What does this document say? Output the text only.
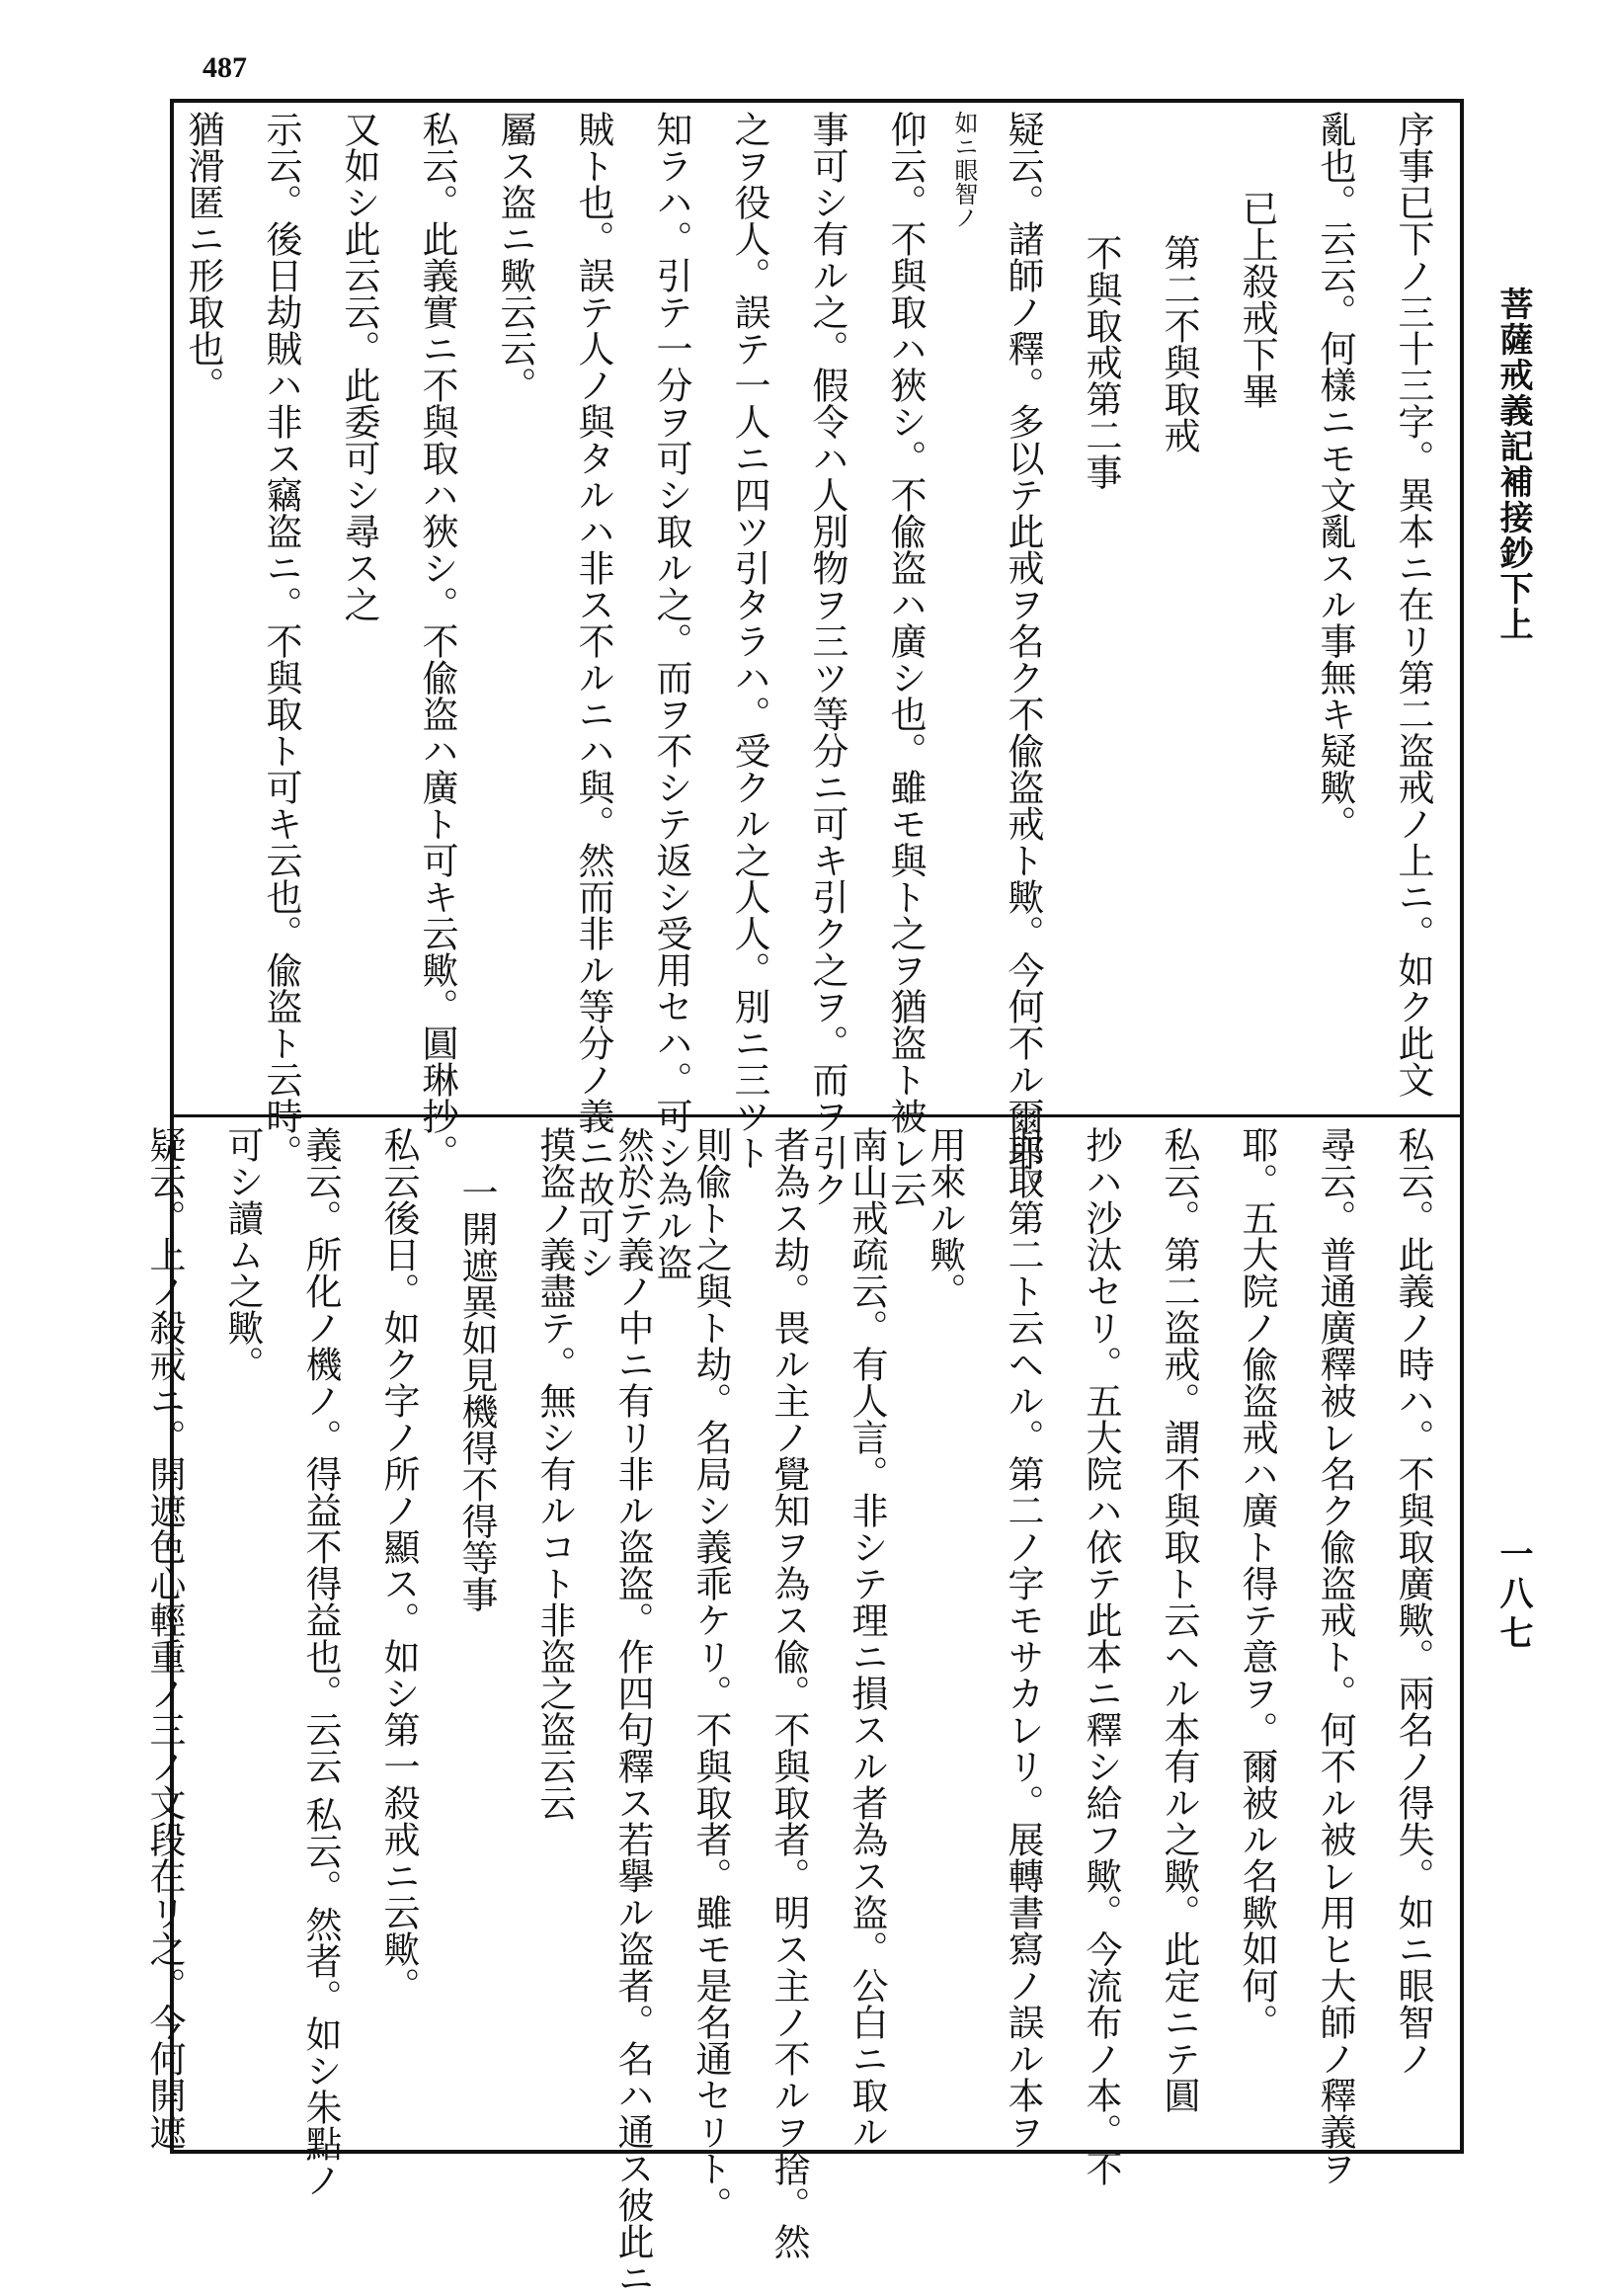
487
菩薩戒義記補接鈔下上
一八七
序事已下ノ三十三字。異本ニ在リ第二盗戒ノ上ニ。如ク此文
亂也。云云。何樣ニモ文亂スル事無キ疑歟。
已上殺戒下畢
第二不與取戒
不與取戒第二事
疑云。諸師ノ釋。多以テ此戒ヲ名ク不偸盗戒ト歟。今何不ル爾耶。
如ニ眼智ノ
仰云。不與取ハ狹シ。不偸盗ハ廣シ也。雖モ與ト之ヲ猶盗ト被レ云
事可シ有ル之。假令ハ人別物ヲ三ツ等分ニ可キ引ク之ヲ。而ヲ引ク
之ヲ役人。誤テ一人ニ四ツ引タラハ。受クル之人人。別ニ三ツト
知ラハ。引テ一分ヲ可シ取ル之。而ヲ不シテ返シ受用セハ。可シ為ル盗
賊ト也。誤テ人ノ與タルハ非ス不ルニハ與。然而非ル等分ノ義ニ故可シ
屬ス盗ニ歟云云。
私云。此義實ニ不與取ハ狹シ。不偸盗ハ廣ト可キ云歟。圓琳抄。
又如シ此云云。此委可シ尋ス之
示云。後日劫賊ハ非ス竊盗ニ。不與取ト可キ云也。偸盗ト云時。
猶滑匿ニ形取也。
私云。此義ノ時ハ。不與取廣歟。兩名ノ得失。如ニ眼智ノ
尋云。普通廣釋被レ名ク偸盗戒ト。何不ル被レ用ヒ大師ノ釋義ヲ
耶。五大院ノ偸盗戒ハ廣ト得テ意ヲ。爾被ル名歟如何。
私云。第二盗戒。謂不與取ト云ヘル本有ル之歟。此定ニテ圓
抄ハ沙汰セリ。五大院ハ依テ此本ニ釋シ給フ歟。今流布ノ本。不
與取第二ト云ヘル。第二ノ字モサカレリ。展轉書寫ノ誤ル本ヲ
用來ル歟。
南山戒疏云。有人言。非シテ理ニ損スル者為ス盗。公白ニ取ル
者為ス劫。畏ル主ノ覺知ヲ為ス偸。不與取者。明ス主ノ不ルヲ捨。然
則偸ト之與ト劫。名局シ義乖ケリ。不與取者。雖モ是名通セリト。
然於テ義ノ中ニ有リ非ル盗盗。作四句釋ス若擧ル盗者。名ハ通ス彼此ニ
摸盗ノ義盡テ。無シ有ルコト非盗之盗云云
一開遮異如見機得不得等事
私云後日。如ク字ノ所ノ顯ス。如シ第一殺戒ニ云歟。
義云。所化ノ機ノ。得益不得益也。云云 私云。然者。如シ朱點ノ
可シ讀ム之歟。
疑云。上ノ殺戒ニ。開遮色心輕重ノ三ノ文段在リ之。今何開遮
